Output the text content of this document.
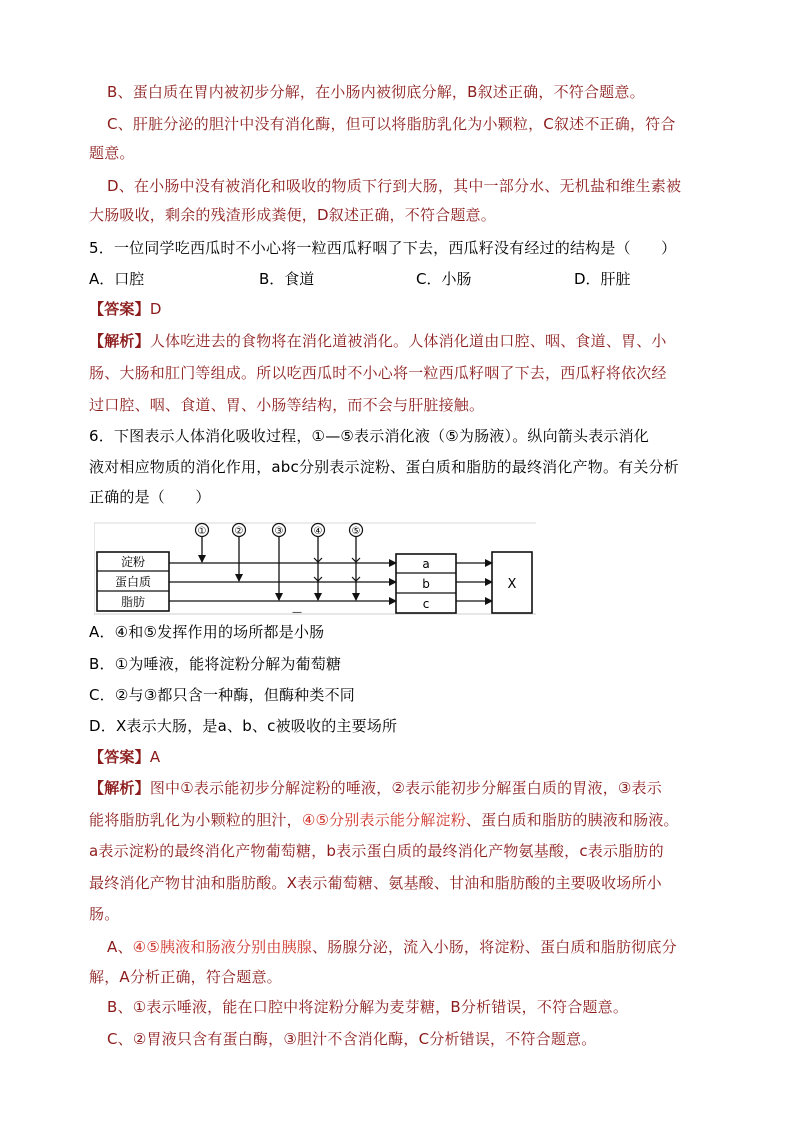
B、蛋白质在胃内被初步分解，在小肠内被彻底分解，B叙述正确，不符合题意。
C、肝脏分泌的胆汁中没有消化酶，但可以将脂肪乳化为小颗粒，C叙述不正确，符合
题意。
D、在小肠中没有被消化和吸收的物质下行到大肠，其中一部分水、无机盐和维生素被
大肠吸收，剩余的残渣形成粪便，D叙述正确，不符合题意。
5．一位同学吃西瓜时不小心将一粒西瓜籽咽了下去，西瓜籽没有经过的结构是（　　）
A．口腔	B．食道	C．小肠	D．肝脏
【答案】D
【解析】人体吃进去的食物将在消化道被消化。人体消化道由口腔、咽、食道、胃、小
肠、大肠和肛门等组成。所以吃西瓜时不小心将一粒西瓜籽咽了下去，西瓜籽将依次经
过口腔、咽、食道、胃、小肠等结构，而不会与肝脏接触。
6．下图表示人体消化吸收过程，①—⑤表示消化液（⑤为肠液）。纵向箭头表示消化
液对相应物质的消化作用，abc分别表示淀粉、蛋白质和脂肪的最终消化产物。有关分析
正确的是（　　）
淀粉
蛋白质
脂肪
a
b
c
X
①	②	③	④	⑤
—
A．④和⑤发挥作用的场所都是小肠
B．①为唾液，能将淀粉分解为葡萄糖
C．②与③都只含一种酶，但酶种类不同
D．X表示大肠，是a、b、c被吸收的主要场所
【答案】A
【解析】图中①表示能初步分解淀粉的唾液，②表示能初步分解蛋白质的胃液，③表示
能将脂肪乳化为小颗粒的胆汁，④⑤分别表示能分解淀粉、蛋白质和脂肪的胰液和肠液。
a表示淀粉的最终消化产物葡萄糖，b表示蛋白质的最终消化产物氨基酸，c表示脂肪的
最终消化产物甘油和脂肪酸。X表示葡萄糖、氨基酸、甘油和脂肪酸的主要吸收场所小
肠。
A、④⑤胰液和肠液分别由胰腺、肠腺分泌，流入小肠，将淀粉、蛋白质和脂肪彻底分
解，A分析正确，符合题意。
B、①表示唾液，能在口腔中将淀粉分解为麦芽糖，B分析错误，不符合题意。
C、②胃液只含有蛋白酶，③胆汁不含消化酶，C分析错误，不符合题意。
